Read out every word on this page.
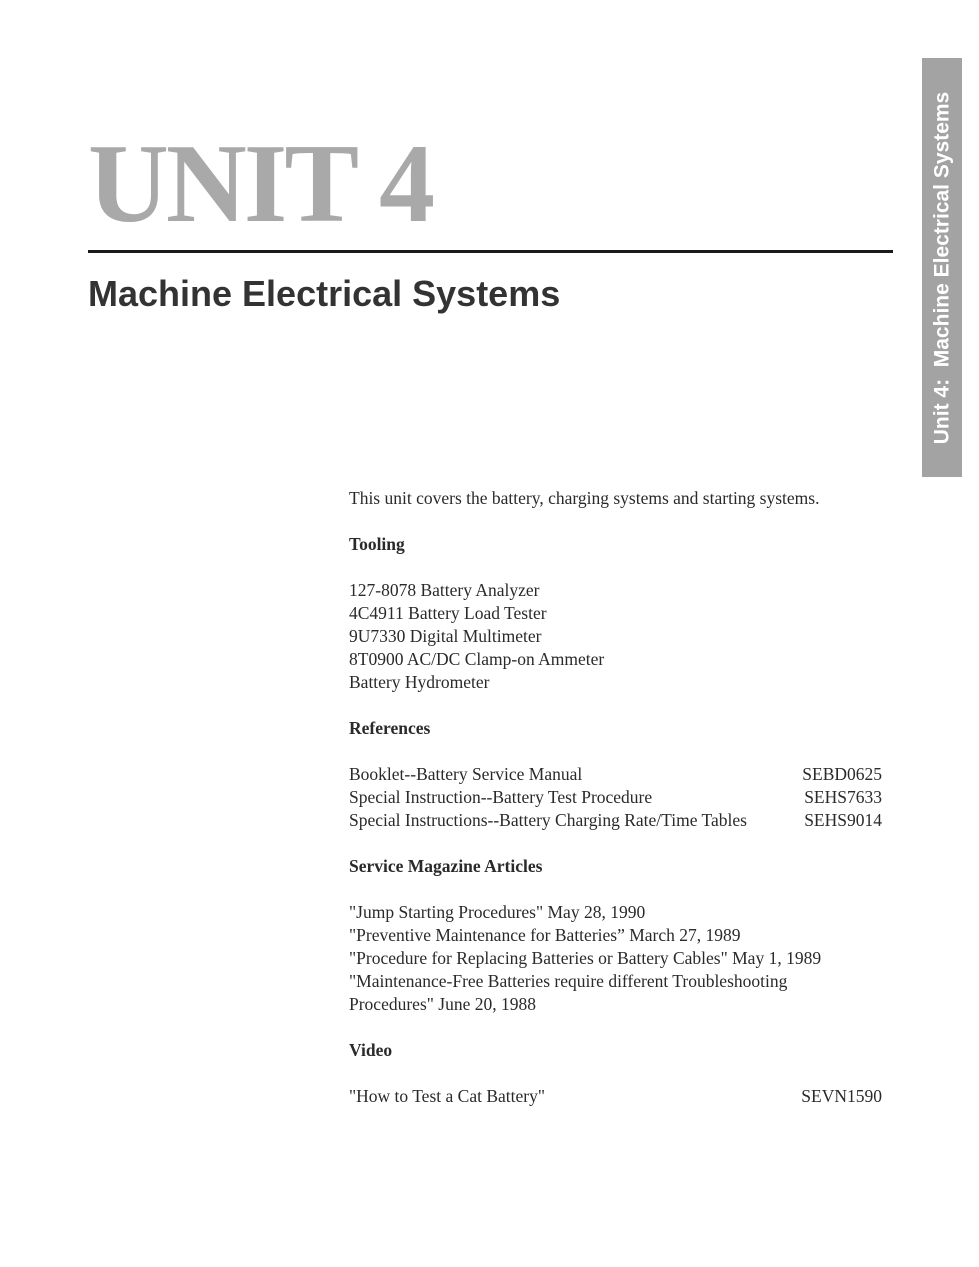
UNIT 4
Machine Electrical Systems	Unit 4:  Machine Electrical Systems

This unit covers the battery, charging systems and starting systems.

Tooling

127-8078 Battery Analyzer

4C4911 Battery Load Tester

9U7330 Digital Multimeter

8T0900 AC/DC Clamp-on Ammeter

Battery Hydrometer

References

Booklet--Battery Service Manual	SEBD0625
Special Instruction--Battery Test Procedure	SEHS7633
Special Instructions--Battery Charging Rate/Time Tables	SEHS9014

Service Magazine Articles

"Jump Starting Procedures" May 28, 1990

"Preventive Maintenance for Batteries” March 27, 1989

"Procedure for Replacing Batteries or Battery Cables" May 1, 1989

"Maintenance-Free Batteries require different Troubleshooting

Procedures" June 20, 1988

Video

"How to Test a Cat Battery"	SEVN1590
